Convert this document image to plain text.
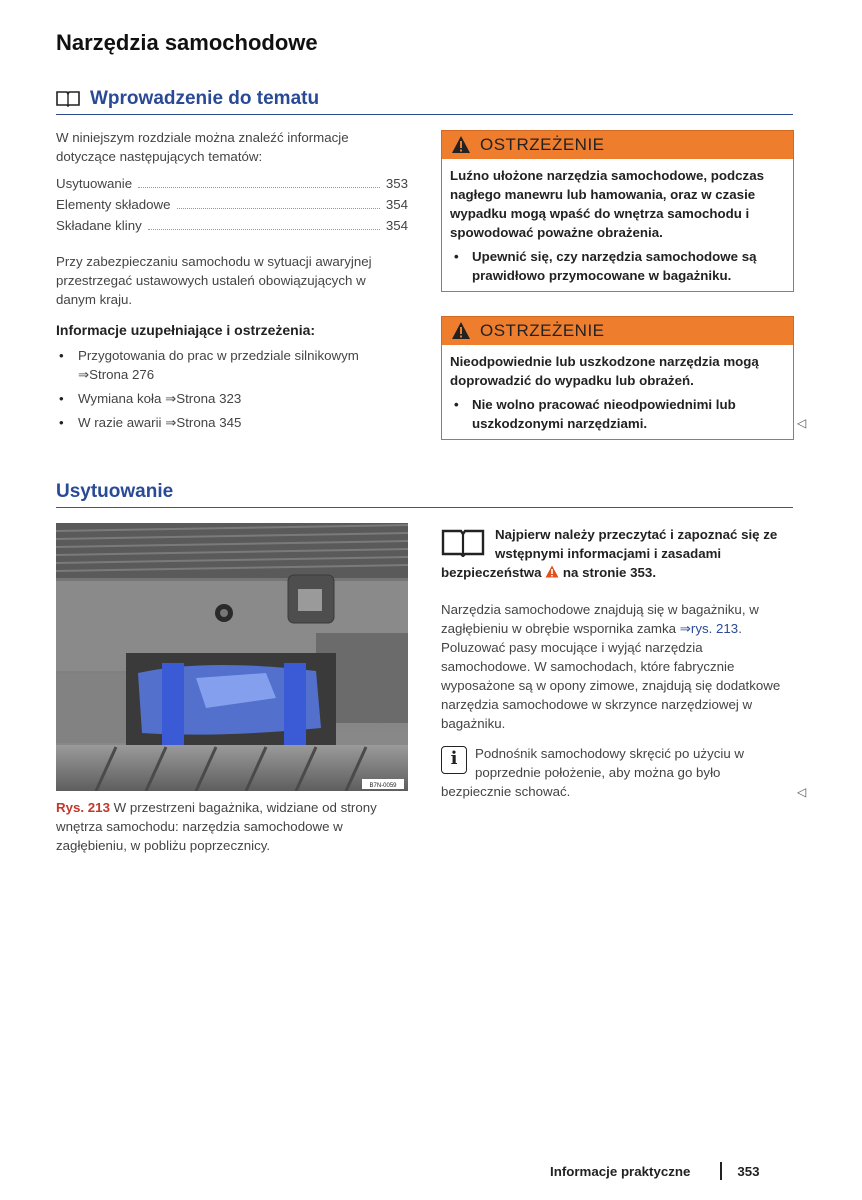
Narzędzia samochodowe
Wprowadzenie do tematu
W niniejszym rozdziale można znaleźć informacje dotyczące następujących tematów:
Usytuowanie	353
Elementy składowe	354
Składane kliny	354
Przy zabezpieczaniu samochodu w sytuacji awaryjnej przestrzegać ustawowych ustaleń obowiązujących w danym kraju.
Informacje uzupełniające i ostrzeżenia:
• Przygotowania do prac w przedziale silnikowym
⇒Strona 276
• Wymiana koła ⇒Strona 323
• W razie awarii ⇒Strona 345
OSTRZEŻENIE
Luźno ułożone narzędzia samochodowe, podczas nagłego manewru lub hamowania, oraz w czasie wypadku mogą wpaść do wnętrza samochodu i spowodować poważne obrażenia.
• Upewnić się, czy narzędzia samochodowe są prawidłowo przymocowane w bagażniku.
OSTRZEŻENIE
Nieodpowiednie lub uszkodzone narzędzia mogą doprowadzić do wypadku lub obrażeń.
• Nie wolno pracować nieodpowiednimi lub uszkodzonymi narzędziami.	◁
Usytuowanie
B7N-0059
Rys. 213 W przestrzeni bagażnika, widziane od strony wnętrza samochodu: narzędzia samochodowe w zagłębieniu, w pobliżu poprzecznicy.
Najpierw należy przeczytać i zapoznać się ze wstępnymi informacjami i zasadami bezpieczeństwa na stronie 353.
Narzędzia samochodowe znajdują się w bagażniku, w zagłębieniu w obrębie wspornika zamka ⇒rys. 213. Poluzować pasy mocujące i wyjąć narzędzia samochodowe. W samochodach, które fabrycznie wyposażone są w opony zimowe, znajdują się dodatkowe narzędzia samochodowe w skrzynce narzędziowej w bagażniku.
i	Podnośnik samochodowy skręcić po użyciu w poprzednie położenie, aby można go było bezpiecznie schować.	◁
Informacje praktyczne	353
